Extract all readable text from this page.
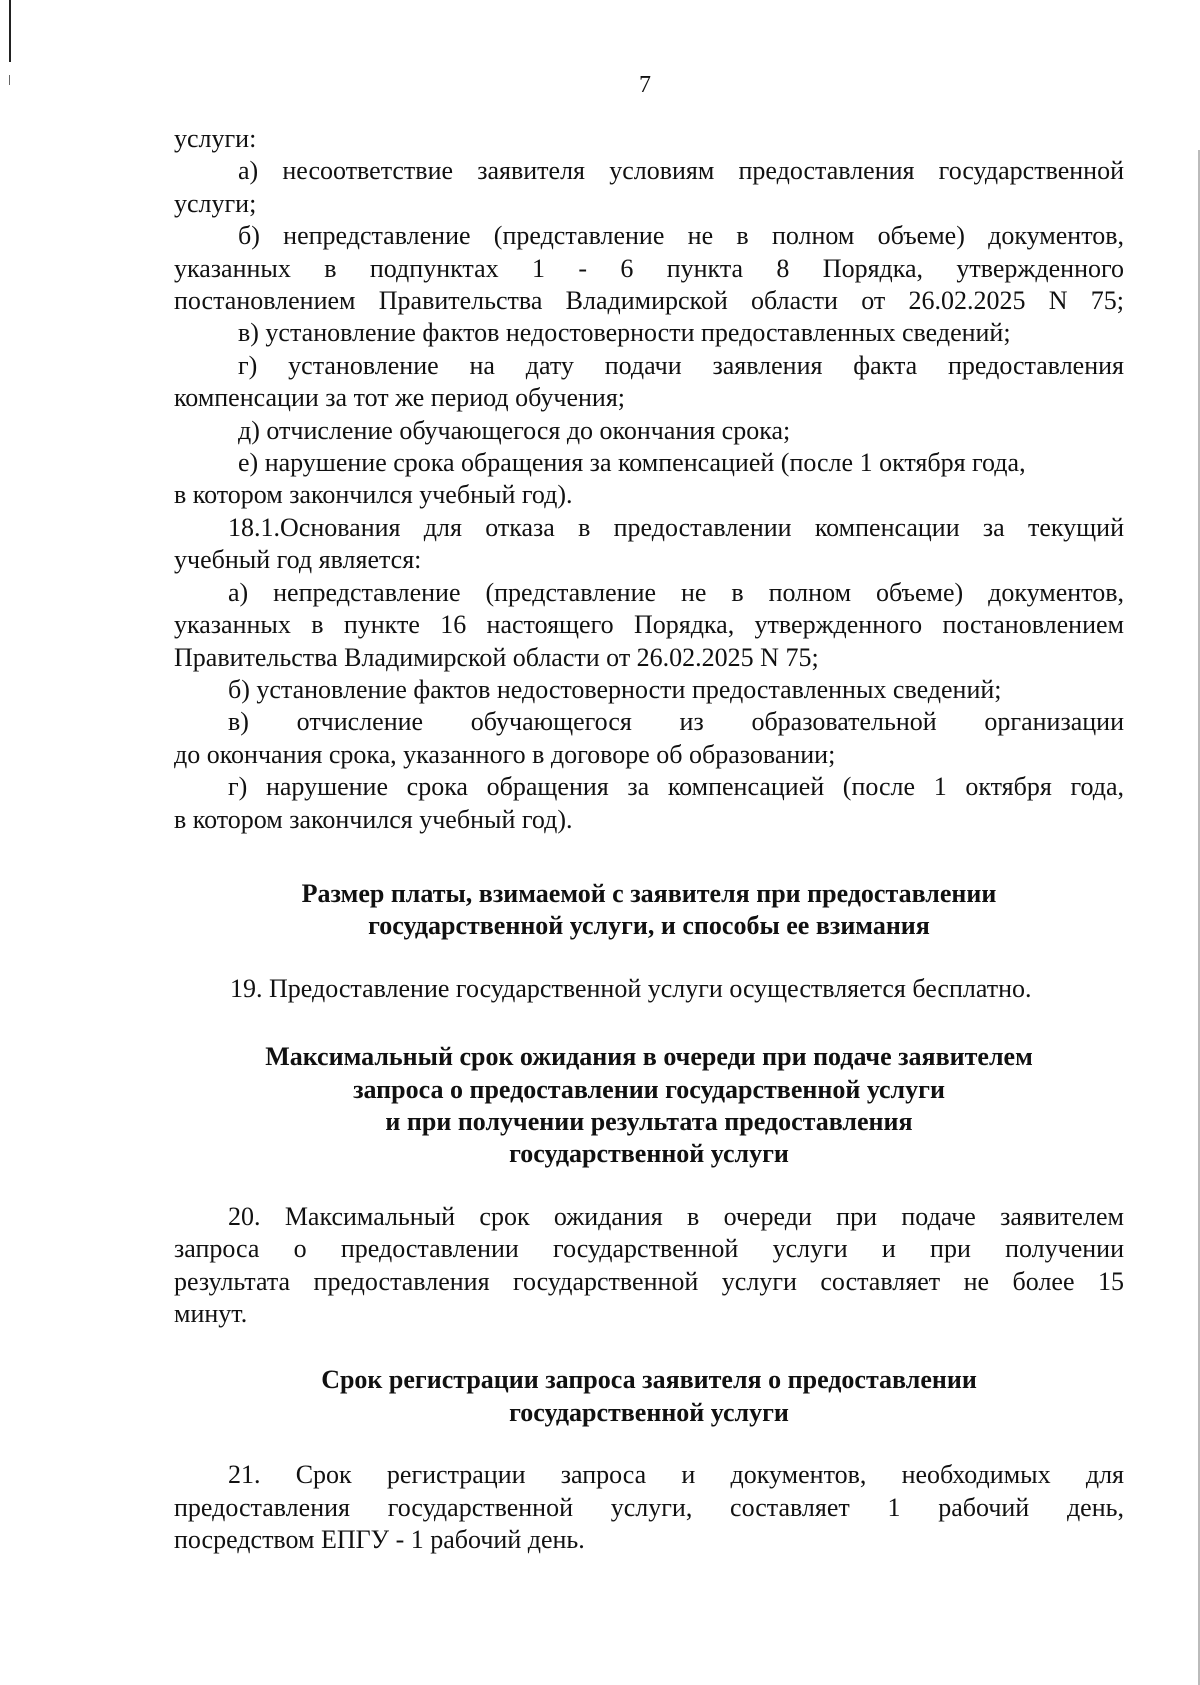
7
услуги:
а) несоответствие заявителя условиям предоставления государственной
услуги;
б) непредставление (представление не в полном объеме) документов,
указанных в подпунктах 1 - 6 пункта 8 Порядка, утвержденного
постановлением Правительства Владимирской области от 26.02.2025 N 75;
в) установление фактов недостоверности предоставленных сведений;
г) установление на дату подачи заявления факта предоставления
компенсации за тот же период обучения;
д) отчисление обучающегося до окончания срока;
е) нарушение срока обращения за компенсацией (после 1 октября года,
в котором закончился учебный год).
18.1.Основания для отказа в предоставлении компенсации за текущий
учебный год является:
а) непредставление (представление не в полном объеме) документов,
указанных в пункте 16 настоящего Порядка, утвержденного постановлением
Правительства Владимирской области от 26.02.2025 N 75;
б) установление фактов недостоверности предоставленных сведений;
в) отчисление обучающегося из образовательной организации
до окончания срока, указанного в договоре об образовании;
г) нарушение срока обращения за компенсацией (после 1 октября года,
в котором закончился учебный год).
Размер платы, взимаемой с заявителя при предоставлении
государственной услуги, и способы ее взимания
19. Предоставление государственной услуги осуществляется бесплатно.
Максимальный срок ожидания в очереди при подаче заявителем
запроса о предоставлении государственной услуги
и при получении результата предоставления
государственной услуги
20. Максимальный срок ожидания в очереди при подаче заявителем
запроса о предоставлении государственной услуги и при получении
результата предоставления государственной услуги составляет не более 15
минут.
Срок регистрации запроса заявителя о предоставлении
государственной услуги
21. Срок регистрации запроса и документов, необходимых для
предоставления государственной услуги, составляет 1 рабочий день,
посредством ЕПГУ - 1 рабочий день.
